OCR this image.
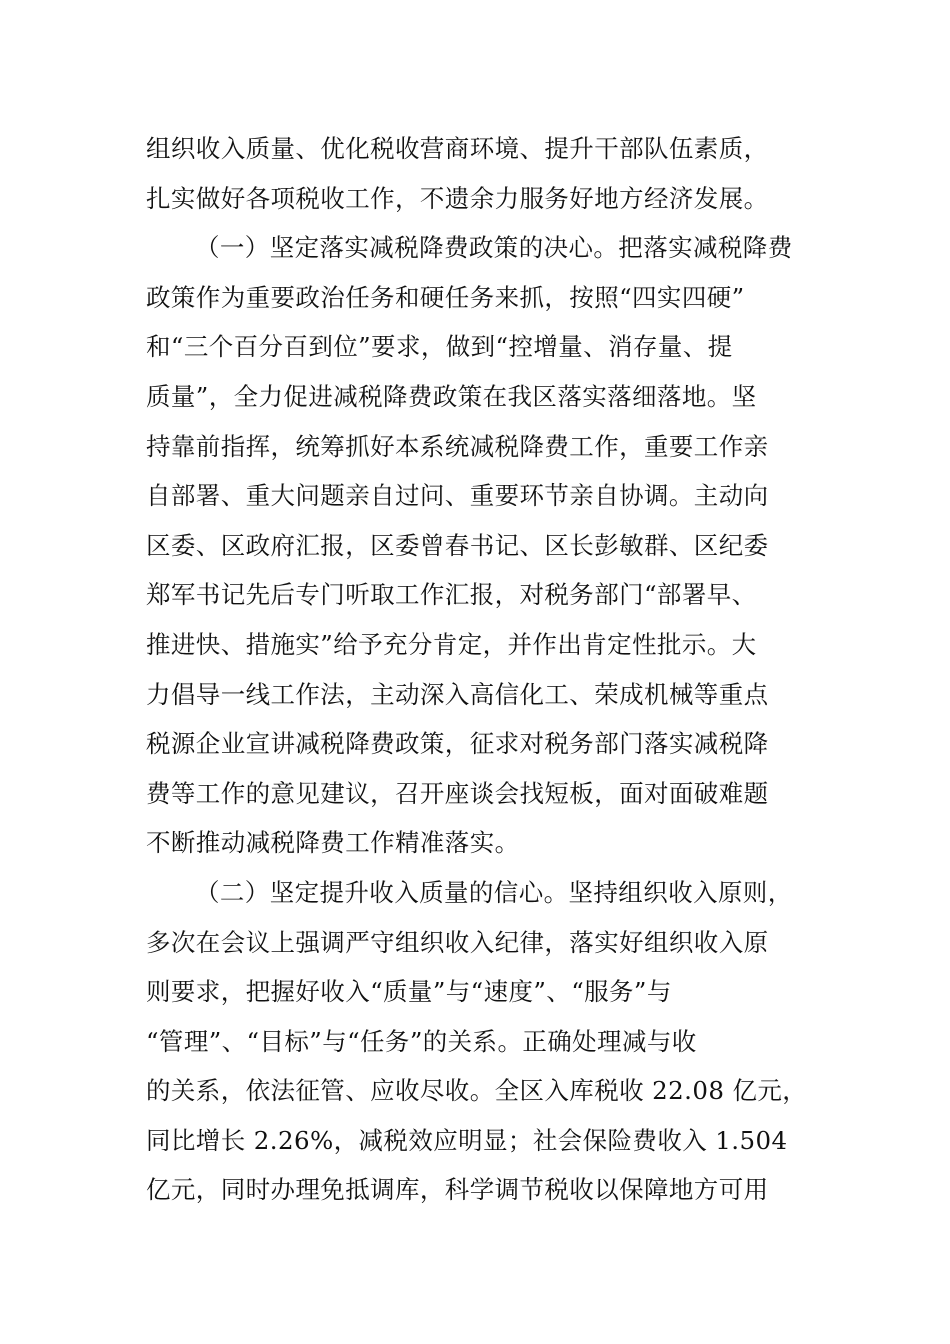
组织收入质量、优化税收营商环境、提升干部队伍素质，
扎实做好各项税收工作，不遗余力服务好地方经济发展。
（一）坚定落实减税降费政策的决心。把落实减税降费
政策作为重要政治任务和硬任务来抓，按照“四实四硬”
和“三个百分百到位”要求，做到“控增量、消存量、提
质量”，全力促进减税降费政策在我区落实落细落地。坚
持靠前指挥，统筹抓好本系统减税降费工作，重要工作亲
自部署、重大问题亲自过问、重要环节亲自协调。主动向
区委、区政府汇报，区委曾春书记、区长彭敏群、区纪委
郑军书记先后专门听取工作汇报，对税务部门“部署早、
推进快、措施实”给予充分肯定，并作出肯定性批示。大
力倡导一线工作法，主动深入高信化工、荣成机械等重点
税源企业宣讲减税降费政策，征求对税务部门落实减税降
费等工作的意见建议，召开座谈会找短板，面对面破难题
不断推动减税降费工作精准落实。
（二）坚定提升收入质量的信心。坚持组织收入原则，
多次在会议上强调严守组织收入纪律，落实好组织收入原
则要求，把握好收入“质量”与“速度”、“服务”与
“管理”、“目标”与“任务”的关系。正确处理减与收
的关系，依法征管、应收尽收。全区入库税收 22.08 亿元，
同比增长 2.26%，减税效应明显；社会保险费收入 1.504
亿元，同时办理免抵调库，科学调节税收以保障地方可用
